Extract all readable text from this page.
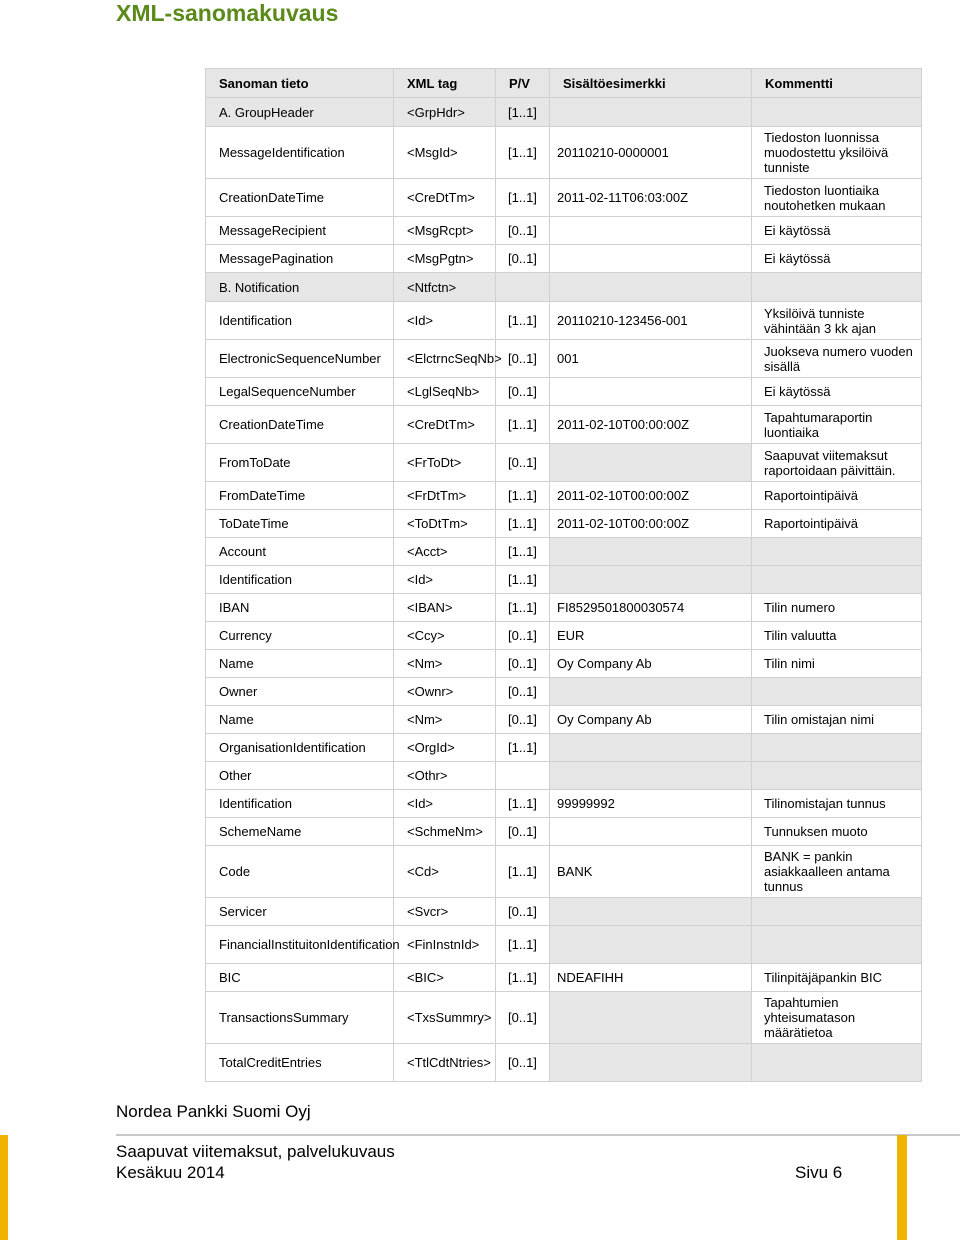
XML-sanomakuvaus
Sanoman tieto	XML tag	P/V	Sisältöesimerkki	Kommentti
A. GroupHeader	<GrpHdr>	[1..1]		
MessageIdentification	<MsgId>	[1..1]	20110210-0000001	Tiedoston luonnissa muodostettu yksilöivä tunniste
CreationDateTime	<CreDtTm>	[1..1]	2011-02-11T06:03:00Z	Tiedoston luontiaika noutohetken mukaan
MessageRecipient	<MsgRcpt>	[0..1]		Ei käytössä
MessagePagination	<MsgPgtn>	[0..1]		Ei käytössä
B. Notification	<Ntfctn>			
Identification	<Id>	[1..1]	20110210-123456-001	Yksilöivä tunniste vähintään 3 kk ajan
ElectronicSequenceNumber	<ElctrncSeqNb>	[0..1]	001	Juokseva numero vuoden sisällä
LegalSequenceNumber	<LglSeqNb>	[0..1]		Ei käytössä
CreationDateTime	<CreDtTm>	[1..1]	2011-02-10T00:00:00Z	Tapahtumaraportin luontiaika
FromToDate	<FrToDt>	[0..1]		Saapuvat viitemaksut raportoidaan päivittäin.
FromDateTime	<FrDtTm>	[1..1]	2011-02-10T00:00:00Z	Raportointipäivä
ToDateTime	<ToDtTm>	[1..1]	2011-02-10T00:00:00Z	Raportointipäivä
Account	<Acct>	[1..1]		
Identification	<Id>	[1..1]		
IBAN	<IBAN>	[1..1]	FI8529501800030574	Tilin numero
Currency	<Ccy>	[0..1]	EUR	Tilin valuutta
Name	<Nm>	[0..1]	Oy Company Ab	Tilin nimi
Owner	<Ownr>	[0..1]		
Name	<Nm>	[0..1]	Oy Company Ab	Tilin omistajan nimi
OrganisationIdentification	<OrgId>	[1..1]		
Other	<Othr>			
Identification	<Id>	[1..1]	99999992	Tilinomistajan tunnus
SchemeName	<SchmeNm>	[0..1]		Tunnuksen muoto
Code	<Cd>	[1..1]	BANK	BANK = pankin asiakkaalleen antama tunnus
Servicer	<Svcr>	[0..1]		
FinancialInstituitonIdentification	<FinInstnId>	[1..1]		
BIC	<BIC>	[1..1]	NDEAFIHH	Tilinpitäjäpankin BIC
TransactionsSummary	<TxsSummry>	[0..1]		Tapahtumien yhteisumatason määrätietoa
TotalCreditEntries	<TtlCdtNtries>	[0..1]		
Nordea Pankki Suomi Oyj
Saapuvat viitemaksut, palvelukuvaus
Kesäkuu 2014	Sivu 6
